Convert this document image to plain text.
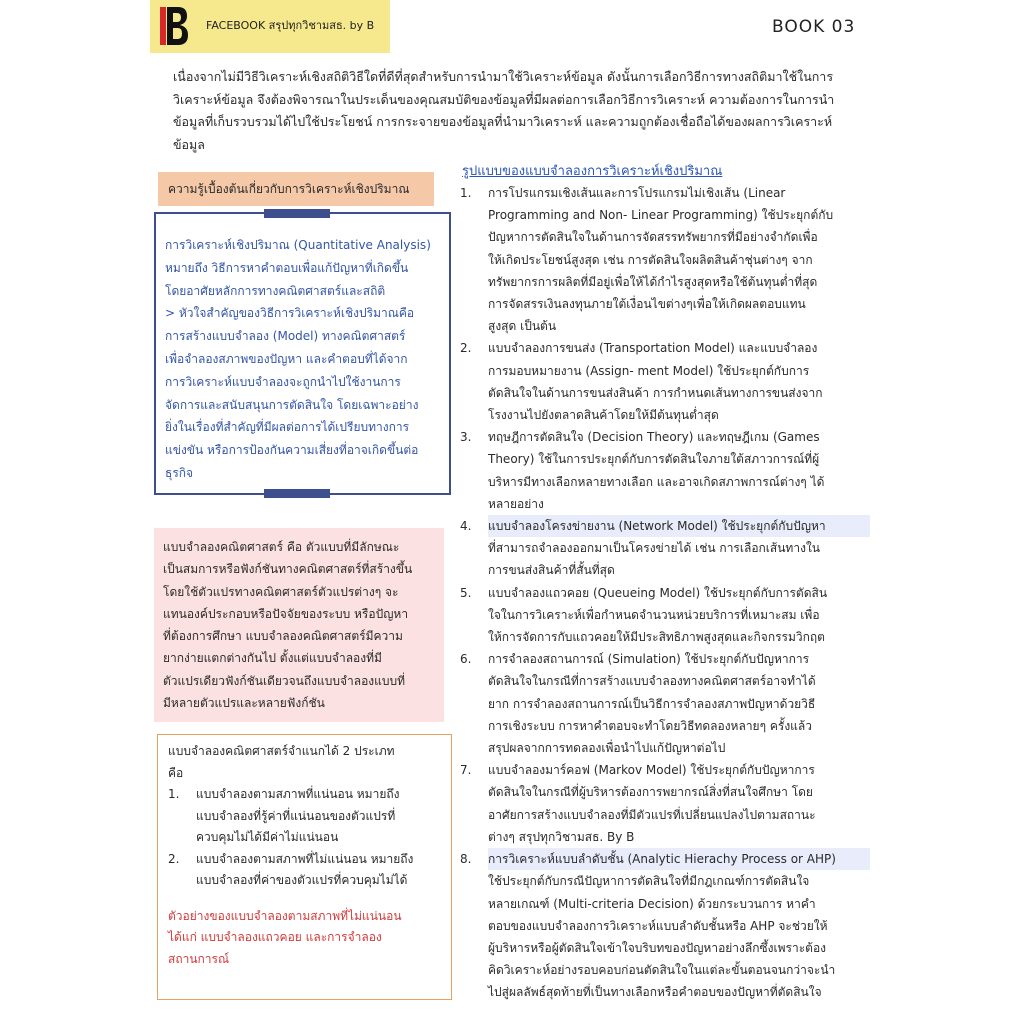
FACEBOOK สรุปทุกวิชามสธ. by B	BOOK 03

เนื่องจากไม่มีวิธีวิเคราะห์เชิงสถิติวิธีใดที่ดีที่สุดสำหรับการนำมาใช้วิเคราะห์ข้อมูล ดังนั้นการเลือกวิธีการทางสถิติมาใช้ในการ

วิเคราะห์ข้อมูล จึงต้องพิจารณาในประเด็นของคุณสมบัติของข้อมูลที่มีผลต่อการเลือกวิธีการวิเคราะห์ ความต้องการในการนำ

ข้อมูลที่เก็บรวบรวมได้ไปใช้ประโยชน์ การกระจายของข้อมูลที่นำมาวิเคราะห์ และความถูกต้องเชื่อถือได้ของผลการวิเคราะห์

ข้อมูล

ความรู้เบื้องต้นเกี่ยวกับการวิเคราะห์เชิงปริมาณ

การวิเคราะห์เชิงปริมาณ (Quantitative Analysis)

หมายถึง วิธีการหาคำตอบเพื่อแก้ปัญหาที่เกิดขึ้น

โดยอาศัยหลักการทางคณิตศาสตร์และสถิติ

> หัวใจสำคัญของวิธีการวิเคราะห์เชิงปริมาณคือ

การสร้างแบบจำลอง (Model) ทางคณิตศาสตร์

เพื่อจำลองสภาพของปัญหา และคำตอบที่ได้จาก

การวิเคราะห์แบบจำลองจะถูกนำไปใช้งานการ

จัดการและสนับสนุนการตัดสินใจ โดยเฉพาะอย่าง

ยิ่งในเรื่องที่สำคัญที่มีผลต่อการได้เปรียบทางการ

แข่งขัน หรือการป้องกันความเสี่ยงที่อาจเกิดขึ้นต่อ

ธุรกิจ

แบบจำลองคณิตศาสตร์ คือ ตัวแบบที่มีลักษณะ

เป็นสมการหรือฟังก์ชันทางคณิตศาสตร์ที่สร้างขึ้น

โดยใช้ตัวแปรทางคณิตศาสตร์ตัวแปรต่างๆ จะ

แทนองค์ประกอบหรือปัจจัยของระบบ หรือปัญหา

ที่ต้องการศึกษา แบบจำลองคณิตศาสตร์มีความ

ยากง่ายแตกต่างกันไป ตั้งแต่แบบจำลองที่มี

ตัวแปรเดียวฟังก์ชันเดียวจนถึงแบบจำลองแบบที่

มีหลายตัวแปรและหลายฟังก์ชัน

แบบจำลองคณิตศาสตร์จำแนกได้ 2 ประเภท

คือ

1.	แบบจำลองตามสภาพที่แน่นอน หมายถึง

แบบจำลองที่รู้ค่าที่แน่นอนของตัวแปรที่

ควบคุมไม่ได้มีค่าไม่แน่นอน

2.	แบบจำลองตามสภาพที่ไม่แน่นอน หมายถึง

แบบจำลองที่ค่าของตัวแปรที่ควบคุมไม่ได้

ตัวอย่างของแบบจำลองตามสภาพที่ไม่แน่นอน

ได้แก่ แบบจำลองแถวคอย และการจำลอง

สถานการณ์

รูปแบบของแบบจำลองการวิเคราะห์เชิงปริมาณ
1.	การโปรแกรมเชิงเส้นและการโปรแกรมไม่เชิงเส้น (Linear

Programming and Non- Linear Programming) ใช้ประยุกต์กับ

ปัญหาการตัดสินใจในด้านการจัดสรรทรัพยากรที่มีอย่างจำกัดเพื่อ

ให้เกิดประโยชน์สูงสุด เช่น การตัดสินใจผลิตสินค้าชุ่นต่างๆ จาก

ทรัพยากรการผลิตที่มีอยู่เพื่อให้ได้กำไรสูงสุดหรือใช้ต้นทุนต่ำที่สุด

การจัดสรรเงินลงทุนภายใต้เงื่อนไขต่างๆเพื่อให้เกิดผลตอบแทน

สูงสุด เป็นต้น

2.	แบบจำลองการขนส่ง (Transportation Model) และแบบจำลอง

การมอบหมายงาน (Assign- ment Model) ใช้ประยุกต์กับการ

ตัดสินใจในด้านการขนส่งสินค้า การกำหนดเส้นทางการขนส่งจาก

โรงงานไปยังตลาดสินค้าโดยให้มีต้นทุนต่ำสุด

3.	ทฤษฎีการตัดสินใจ (Decision Theory) และทฤษฎีเกม (Games

Theory) ใช้ในการประยุกต์กับการตัดสินใจภายใต้สภาวการณ์ที่ผู้

บริหารมีทางเลือกหลายทางเลือก และอาจเกิดสภาพการณ์ต่างๆ ได้

หลายอย่าง

4.	แบบจำลองโครงข่ายงาน (Network Model) ใช้ประยุกต์กับปัญหา

ที่สามารถจำลองออกมาเป็นโครงข่ายได้ เช่น การเลือกเส้นทางใน

การขนส่งสินค้าที่สั้นที่สุด

5.	แบบจำลองแถวคอย (Queueing Model) ใช้ประยุกต์กับการตัดสิน

ใจในการวิเคราะห์เพื่อกำหนดจำนวนหน่วยบริการที่เหมาะสม เพื่อ

ให้การจัดการกับแถวคอยให้มีประสิทธิภาพสูงสุดและกิจกรรมวิกฤต

6.	การจำลองสถานการณ์ (Simulation) ใช้ประยุกต์กับปัญหาการ

ตัดสินใจในกรณีที่การสร้างแบบจำลองทางคณิตศาสตร์อาจทำได้

ยาก การจำลองสถานการณ์เป็นวิธีการจำลองสภาพปัญหาด้วยวิธี

การเชิงระบบ การหาคำตอบจะทำโดยวิธีทดลองหลายๆ ครั้งแล้ว

สรุปผลจากการทดลองเพื่อนำไปแก้ปัญหาต่อไป

7.	แบบจำลองมาร์คอฟ (Markov Model) ใช้ประยุกต์กับปัญหาการ

ตัดสินใจในกรณีที่ผู้บริหารต้องการพยากรณ์สิ่งที่สนใจศึกษา โดย

อาศัยการสร้างแบบจำลองที่มีตัวแปรที่เปลี่ยนแปลงไปตามสถานะ

ต่างๆ สรุปทุกวิชามสธ. By B

8.	การวิเคราะห์แบบลำดับชั้น (Analytic Hierachy Process or AHP)

ใช้ประยุกต์กับกรณีปัญหาการตัดสินใจที่มีกฎเกณฑ์การตัดสินใจ

หลายเกณฑ์ (Multi-criteria Decision) ด้วยกระบวนการ หาคำ

ตอบของแบบจำลองการวิเคราะห์แบบลำดับชั้นหรือ AHP จะช่วยให้

ผู้บริหารหรือผู้ตัดสินใจเข้าใจบริบทของปัญหาอย่างลึกซึ้งเพราะต้อง

คิดวิเคราะห์อย่างรอบคอบก่อนตัดสินใจในแต่ละขั้นตอนจนกว่าจะนำ

ไปสู่ผลลัพธ์สุดท้ายที่เป็นทางเลือกหรือคำตอบของปัญหาที่ตัดสินใจ
